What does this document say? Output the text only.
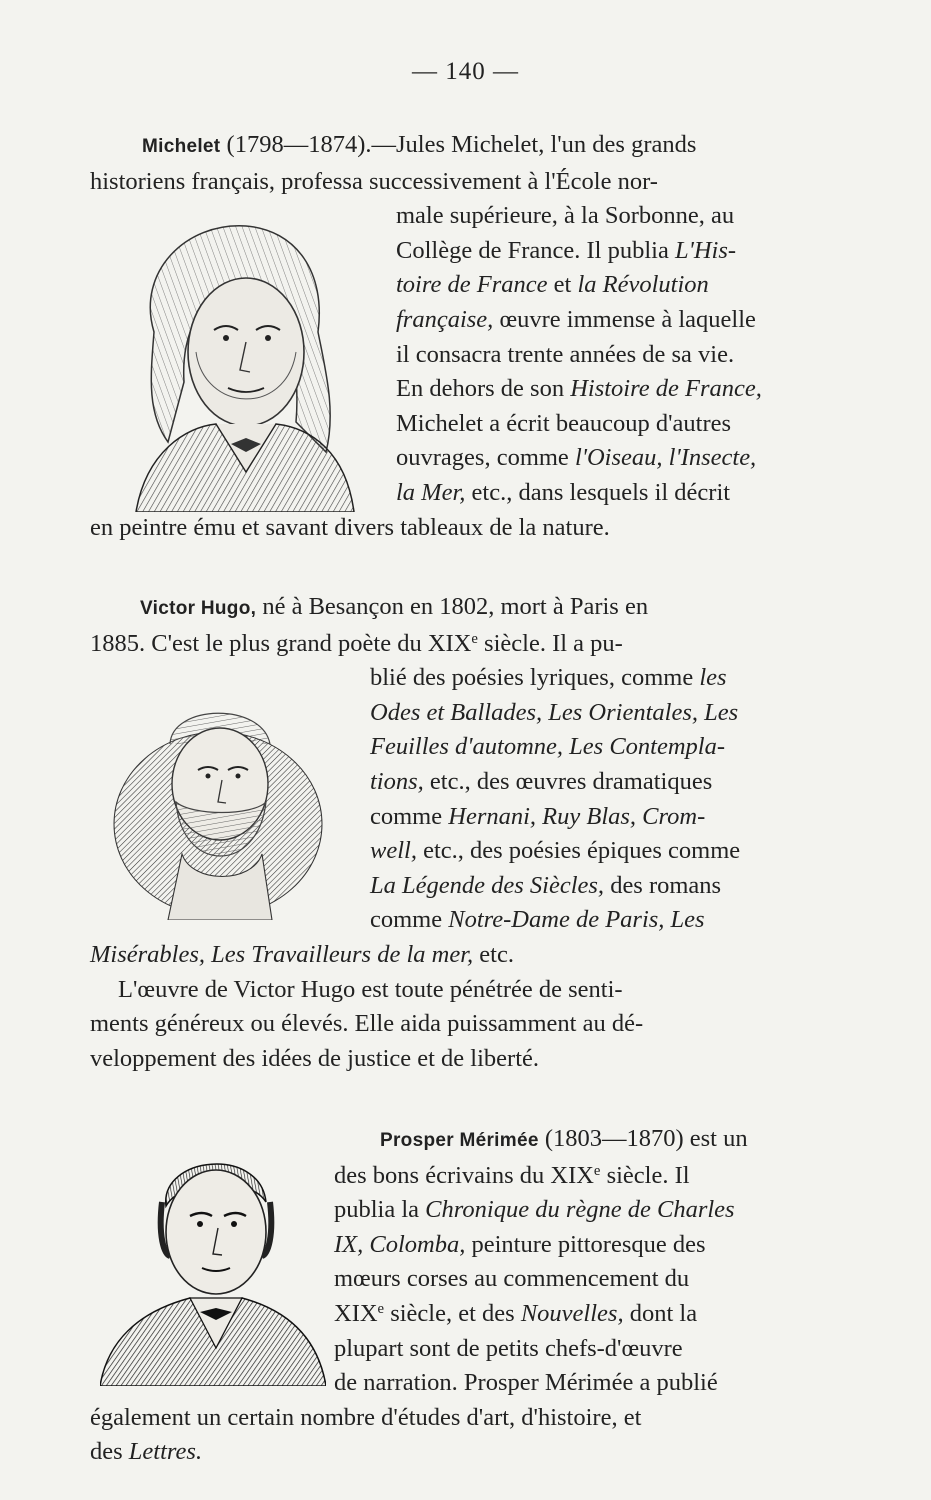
— 140 —
Michelet (1798—1874).—Jules Michelet, l'un des grands
historiens français, professa successivement à l'École nor-
male supérieure, à la Sorbonne, au
Collège de France. Il publia L'His-
toire de France et la Révolution
française, œuvre immense à laquelle
il consacra trente années de sa vie.
En dehors de son Histoire de France,
Michelet a écrit beaucoup d'autres
ouvrages, comme l'Oiseau, l'Insecte,
la Mer, etc., dans lesquels il décrit
en peintre ému et savant divers tableaux de la nature.
Victor Hugo, né à Besançon en 1802, mort à Paris en
1885. C'est le plus grand poète du XIXe siècle. Il a pu-
blié des poésies lyriques, comme les
Odes et Ballades, Les Orientales, Les
Feuilles d'automne, Les Contempla-
tions, etc., des œuvres dramatiques
comme Hernani, Ruy Blas, Crom-
well, etc., des poésies épiques comme
La Légende des Siècles, des romans
comme Notre-Dame de Paris, Les
Misérables, Les Travailleurs de la mer, etc.
L'œuvre de Victor Hugo est toute pénétrée de senti-
ments généreux ou élevés. Elle aida puissamment au dé-
veloppement des idées de justice et de liberté.
Prosper Mérimée (1803—1870) est un
des bons écrivains du XIXe siècle. Il
publia la Chronique du règne de Charles
IX, Colomba, peinture pittoresque des
mœurs corses au commencement du
XIXe siècle, et des Nouvelles, dont la
plupart sont de petits chefs-d'œuvre
de narration. Prosper Mérimée a publié
également un certain nombre d'études d'art, d'histoire, et
des Lettres.
